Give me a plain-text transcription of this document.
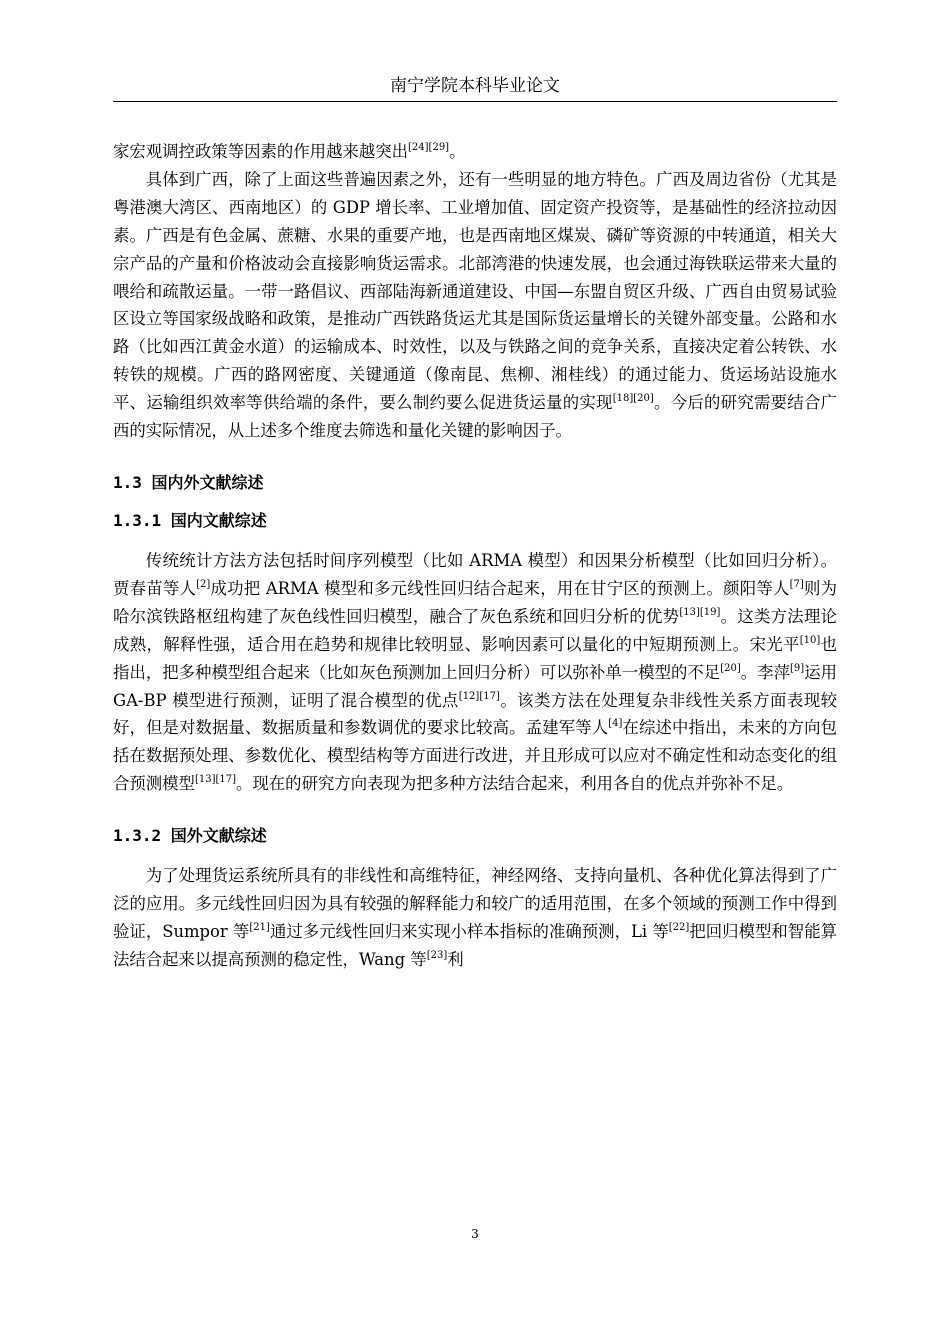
南宁学院本科毕业论文

家宏观调控政策等因素的作用越来越突出[24][29]。

具体到广西，除了上面这些普遍因素之外，还有一些明显的地方特色。广西及周边省份（尤其是粤港澳大湾区、西南地区）的 GDP 增长率、工业增加值、固定资产投资等，是基础性的经济拉动因素。广西是有色金属、蔗糖、水果的重要产地，也是西南地区煤炭、磷矿等资源的中转通道，相关大宗产品的产量和价格波动会直接影响货运需求。北部湾港的快速发展，也会通过海铁联运带来大量的喂给和疏散运量。一带一路倡议、西部陆海新通道建设、中国—东盟自贸区升级、广西自由贸易试验区设立等国家级战略和政策，是推动广西铁路货运尤其是国际货运量增长的关键外部变量。公路和水路（比如西江黄金水道）的运输成本、时效性，以及与铁路之间的竞争关系，直接决定着公转铁、水转铁的规模。广西的路网密度、关键通道（像南昆、焦柳、湘桂线）的通过能力、货运场站设施水平、运输组织效率等供给端的条件，要么制约要么促进货运量的实现[18][20]。今后的研究需要结合广西的实际情况，从上述多个维度去筛选和量化关键的影响因子。

1.3 国内外文献综述
1.3.1 国内文献综述

传统统计方法方法包括时间序列模型（比如 ARMA 模型）和因果分析模型（比如回归分析）。贾春苗等人[2]成功把 ARMA 模型和多元线性回归结合起来，用在甘宁区的预测上。颜阳等人[7]则为哈尔滨铁路枢纽构建了灰色线性回归模型，融合了灰色系统和回归分析的优势[13][19]。这类方法理论成熟，解释性强，适合用在趋势和规律比较明显、影响因素可以量化的中短期预测上。宋光平[10]也指出，把多种模型组合起来（比如灰色预测加上回归分析）可以弥补单一模型的不足[20]。李萍[9]运用 GA-BP 模型进行预测，证明了混合模型的优点[12][17]。该类方法在处理复杂非线性关系方面表现较好，但是对数据量、数据质量和参数调优的要求比较高。孟建军等人[4]在综述中指出，未来的方向包括在数据预处理、参数优化、模型结构等方面进行改进，并且形成可以应对不确定性和动态变化的组合预测模型[13][17]。现在的研究方向表现为把多种方法结合起来，利用各自的优点并弥补不足。

1.3.2 国外文献综述

为了处理货运系统所具有的非线性和高维特征，神经网络、支持向量机、各种优化算法得到了广泛的应用。多元线性回归因为具有较强的解释能力和较广的适用范围，在多个领域的预测工作中得到验证，Sumpor 等[21]通过多元线性回归来实现小样本指标的准确预测，Li 等[22]把回归模型和智能算法结合起来以提高预测的稳定性，Wang 等[23]利

3
